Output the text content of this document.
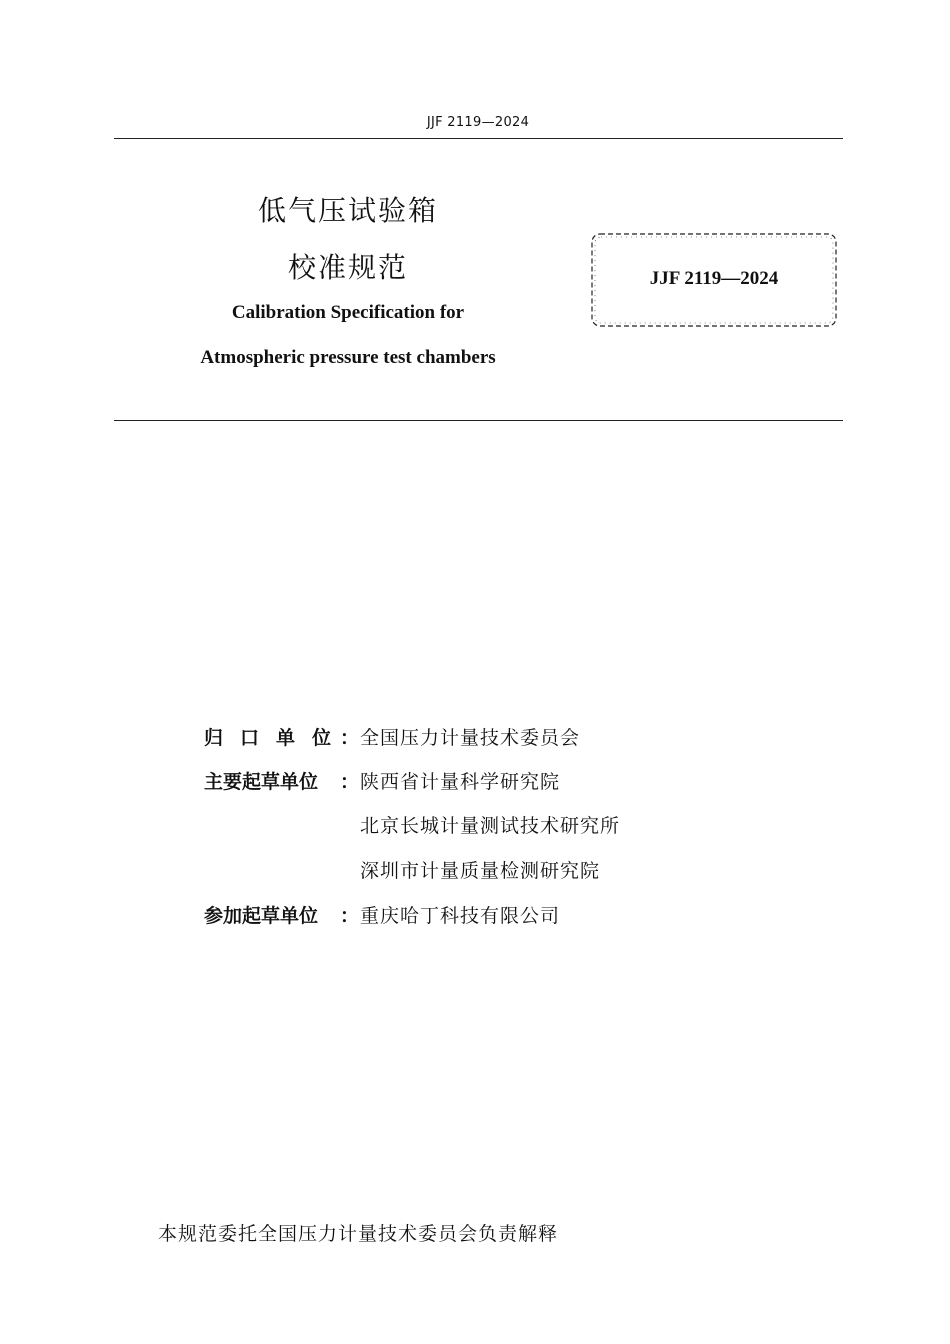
JJF 2119—2024
低气压试验箱
校准规范
Calibration Specification for
Atmospheric pressure test chambers
JJF 2119—2024
归口单位 ：全国压力计量技术委员会
主要起草单位 ：陕西省计量科学研究院
北京长城计量测试技术研究所
深圳市计量质量检测研究院
参加起草单位 ：重庆哈丁科技有限公司
本规范委托全国压力计量技术委员会负责解释
